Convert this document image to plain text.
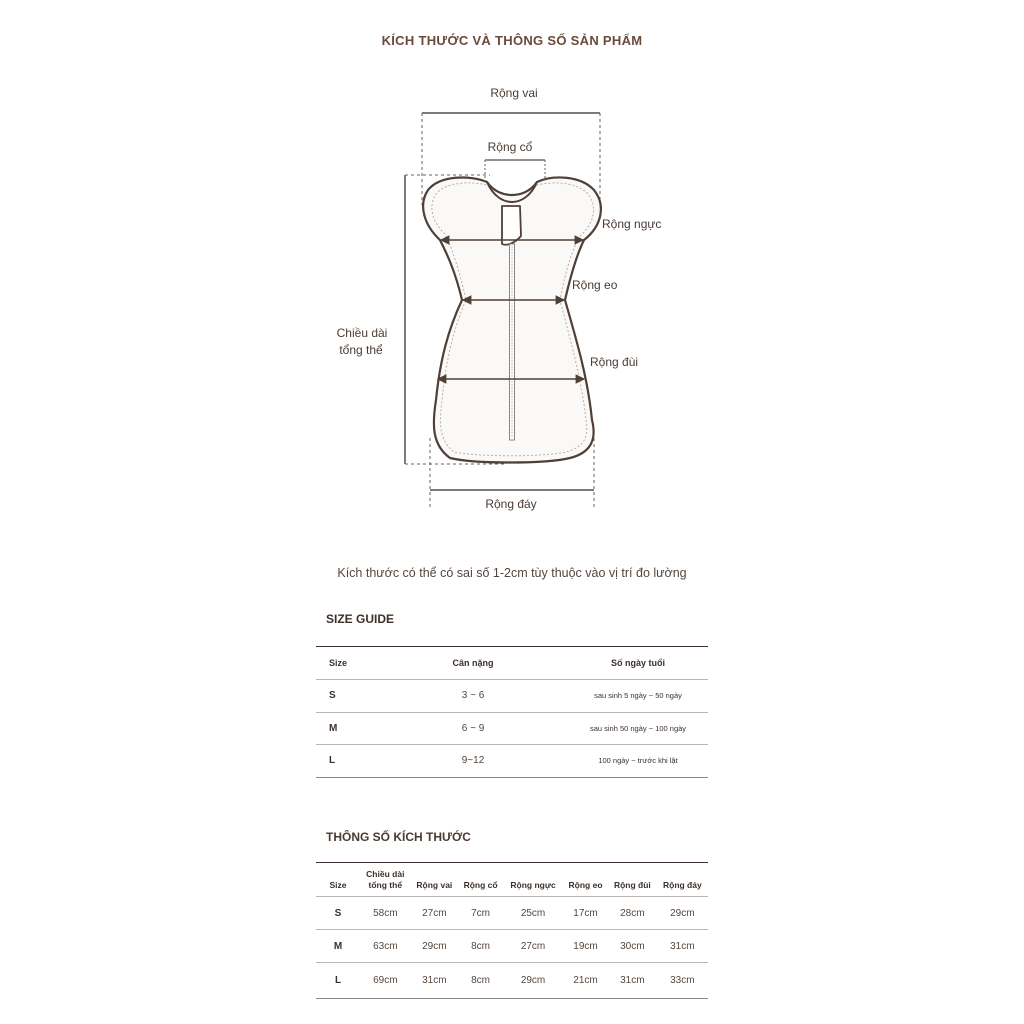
KÍCH THƯỚC VÀ THÔNG SỐ SẢN PHẨM
Rộng vai
Rộng cổ
Rộng ngực
Rộng eo
Rộng đùi
Chiều dài
tổng thể
Rộng đáy
Kích thước có thể có sai số 1-2cm tùy thuộc vào vị trí đo lường
SIZE GUIDE
Size	Cân nặng	Số ngày tuổi
S	3 ~ 6	sau sinh 5 ngày ~ 50 ngày
M	6 ~ 9	sau sinh 50 ngày ~ 100 ngày
L	9~12	100 ngày ~ trước khi lật
THÔNG SỐ KÍCH THƯỚC
Size	Chiều dài
tổng thể	Rộng vai	Rộng cổ	Rộng ngực	Rộng eo	Rộng đùi	Rộng đáy
S	58cm	27cm	7cm	25cm	17cm	28cm	29cm
M	63cm	29cm	8cm	27cm	19cm	30cm	31cm
L	69cm	31cm	8cm	29cm	21cm	31cm	33cm
